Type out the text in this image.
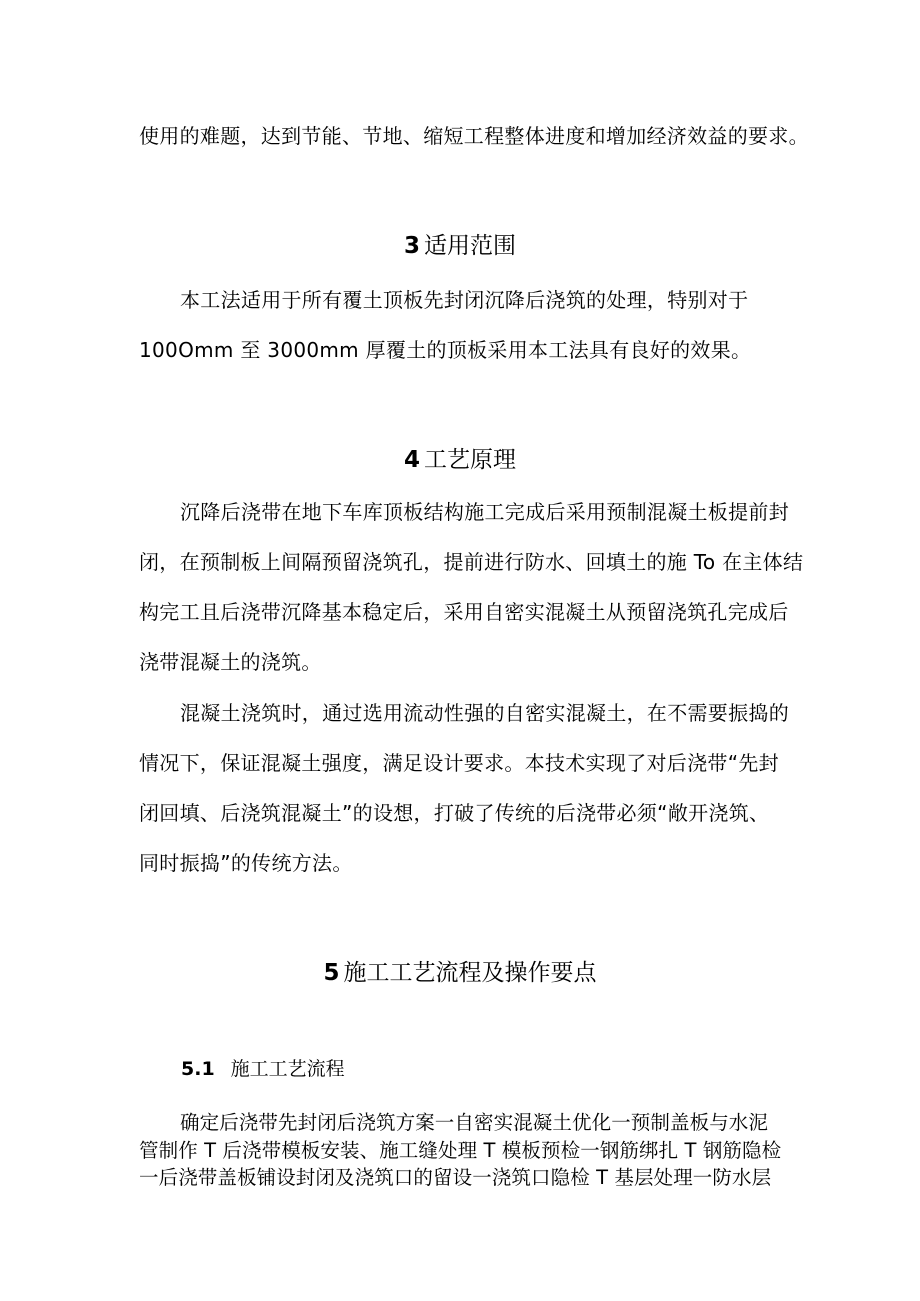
使用的难题，达到节能、节地、缩短工程整体进度和增加经济效益的要求。
3 适用范围
本工法适用于所有覆土顶板先封闭沉降后浇筑的处理，特别对于
100Omm 至 3000mm 厚覆土的顶板采用本工法具有良好的效果。
4 工艺原理
沉降后浇带在地下车库顶板结构施工完成后采用预制混凝土板提前封
闭，在预制板上间隔预留浇筑孔，提前进行防水、回填土的施 To 在主体结
构完工且后浇带沉降基本稳定后，采用自密实混凝土从预留浇筑孔完成后
浇带混凝土的浇筑。
混凝土浇筑时，通过选用流动性强的自密实混凝土，在不需要振捣的
情况下，保证混凝土强度，满足设计要求。本技术实现了对后浇带“先封
闭回填、后浇筑混凝土”的设想，打破了传统的后浇带必须“敞开浇筑、
同时振捣”的传统方法。
5 施工工艺流程及操作要点
5.1 施工工艺流程
确定后浇带先封闭后浇筑方案一自密实混凝土优化一预制盖板与水泥
管制作 T 后浇带模板安装、施工缝处理 T 模板预检一钢筋绑扎 T 钢筋隐检
一后浇带盖板铺设封闭及浇筑口的留设一浇筑口隐检 T 基层处理一防水层
